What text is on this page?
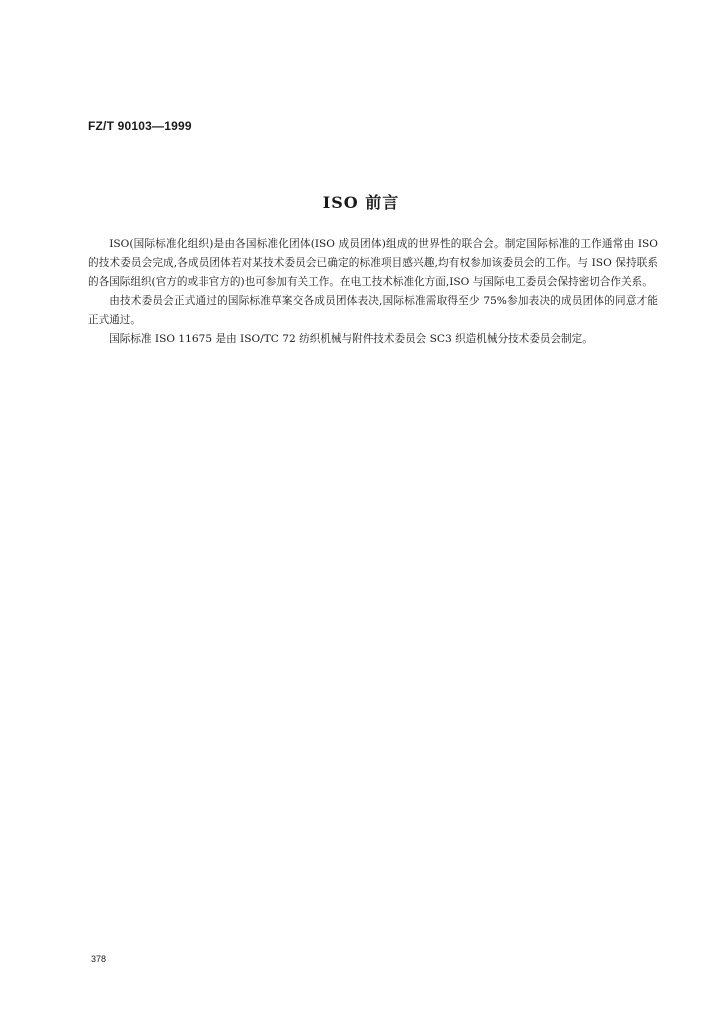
FZ/T 90103—1999
ISO 前言

ISO(国际标准化组织)是由各国标准化团体(ISO 成员团体)组成的世界性的联合会。制定国际标准的工作通常由 ISO 的技术委员会完成,各成员团体若对某技术委员会已确定的标准项目感兴趣,均有权参加该委员会的工作。与 ISO 保持联系的各国际组织(官方的或非官方的)也可参加有关工作。在电工技术标准化方面,ISO 与国际电工委员会保持密切合作关系。

由技术委员会正式通过的国际标准草案交各成员团体表决,国际标准需取得至少 75%参加表决的成员团体的同意才能正式通过。

国际标准 ISO 11675 是由 ISO/TC 72 纺织机械与附件技术委员会 SC3 织造机械分技术委员会制定。

378
